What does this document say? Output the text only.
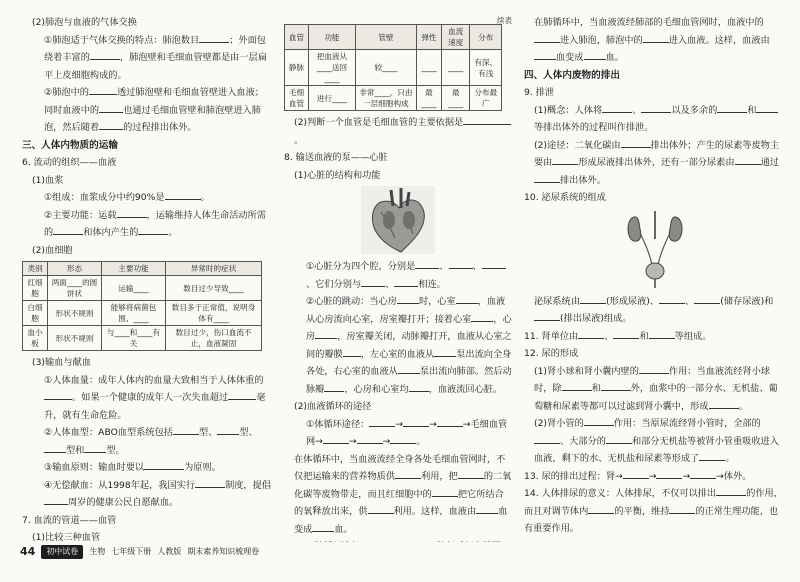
(2)肺泡与血液的气体交换
①肺泡适于气体交换的特点：肺泡数目	；外面包绕着丰富的	，肺泡壁和毛细血管壁都是由一层扁平上皮细胞构成的。
②肺泡中的	透过肺泡壁和毛细血管壁进入血液；同时血液中的	也通过毛细血管壁和肺泡壁进入肺泡，然后随着	的过程排出体外。
三、人体内物质的运输
6. 流动的组织——血液
(1)血浆
①组成：血浆成分中约90%是	。
②主要功能：运载	，运输维持人体生命活动所需的	和体内产生的	。
(2)血细胞
类别	形态	主要功能	异常时的症状
红细胞	两面____的圆饼状	运输____	数目过少导致____
白细胞	形状不规则	能够将病菌包围、____	数目多于正常值，说明身体有____
血小板	形状不规则	与____和____有关	数目过少，伤口血流不止，血液凝固
(3)输血与献血
①人体血量：成年人体内的血量大致相当于人体体重的。如果一个健康的成年人一次失血超过	毫升，就有生命危险。
②人体血型：ABO血型系统包括	型、 型、型和 型。
③输血原则：输血时要以	为原则。
④无偿献血：从1998年起，我国实行	制度，提倡周岁的健康公民自愿献血。
7. 血流的管道——血管
(1)比较三种血管

续表
血管	功能	管壁	弹性	血流速度	分布
静脉	把血液从____送回____	较____	____	____	有深、有浅
毛细血管	进行____	非常____，只由一层细胞构成	最____	最____	分布最广
(2)判断一个血管是毛细血管的主要依据是。
8. 输送血液的泵——心脏
(1)心脏的结构和功能
①心脏分为四个腔，分别是	、	、、它们分别与	、	相连。
②心脏的跳动：当心房 时，心室 ，血液从心房流向心室，房室瓣打开；接着心室 ，心房 ，房室瓣关闭，动脉瓣打开，血液从心室之间的瓣膜 ，左心室的血液从 泵出流向全身各处，右心室的血液从 泵出流向肺部。然后动脉瓣 ，心房和心室均 ，血液流回心脏。
(2)血液循环的途径
①体循环途径：	→	→	→毛细血管网→	→	→	。
在体循环中，当血液流经全身各处毛细血管网时，不仅把运输来的营养物质供	利用，把	的二氧化碳等废物带走，而且红细胞中的	把它所结合的氧释放出来，供	利用。这样，血液由 血变成 血。
在肺循环中，当血液流经肺部的毛细血管网时，血液中的进入肺泡，肺泡中的	进入血液。这样，血液由血变成 血。
四、人体内废物的排出
9. 排泄
(1)概念：人体将	、	以及多余的	和等排出体外的过程叫作排泄。
(2)途径：二氧化碳由	排出体外；产生的尿素等废物主要由	形成尿液排出体外，还有一部分尿素由	通过排出体外。
10. 泌尿系统的组成
泌尿系统由	(形成尿液)、	、	(储存尿液)和(排出尿液)组成。
11. 肾单位由	、	和	等组成。
12. 尿的形成
(1)肾小球和肾小囊内壁的	作用：当血液流经肾小球时，除	和	外，血浆中的一部分水、无机盐、葡萄糖和尿素等都可以过滤到肾小囊中，形成	。
(2)肾小管的	作用：当原尿流经肾小管时，全部的、大部分的	和部分无机盐等被肾小管重吸收进入血液，剩下的水、无机盐和尿素等形成了	。
13. 尿的排出过程：肾→	→	→	→体外。
14. 人体排尿的意义：人体排尿，不仅可以排出	的作用，而且对调节体内	的平衡，维持	的正常生理功能，也有重要作用。
44	初中试卷	生物 七年级下册 人教版 期末素养知识梳理卷
